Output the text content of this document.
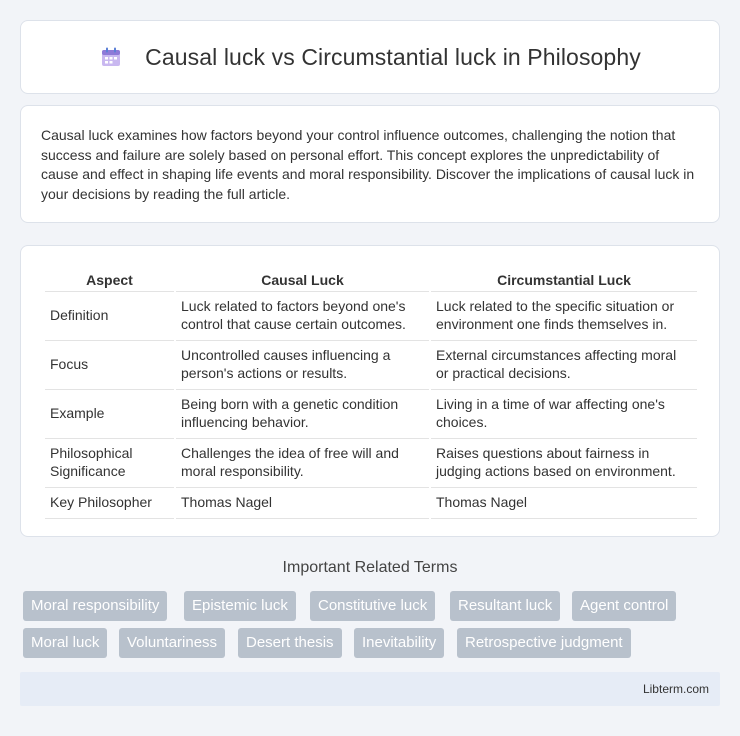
Causal luck vs Circumstantial luck in Philosophy

Causal luck examines how factors beyond your control influence outcomes, challenging the notion that success and failure are solely based on personal effort. This concept explores the unpredictability of cause and effect in shaping life events and moral responsibility. Discover the implications of causal luck in your decisions by reading the full article.

Aspect	Causal Luck	Circumstantial Luck
Definition	Luck related to factors beyond one's control that cause certain outcomes.	Luck related to the specific situation or environment one finds themselves in.
Focus	Uncontrolled causes influencing a person's actions or results.	External circumstances affecting moral or practical decisions.
Example	Being born with a genetic condition influencing behavior.	Living in a time of war affecting one's choices.
Philosophical Significance	Challenges the idea of free will and moral responsibility.	Raises questions about fairness in judging actions based on environment.
Key Philosopher	Thomas Nagel	Thomas Nagel
Important Related Terms
Moral responsibility	Epistemic luck	Constitutive luck	Resultant luck	Agent control
Moral luck	Voluntariness	Desert thesis	Inevitability	Retrospective judgment
Libterm.com
